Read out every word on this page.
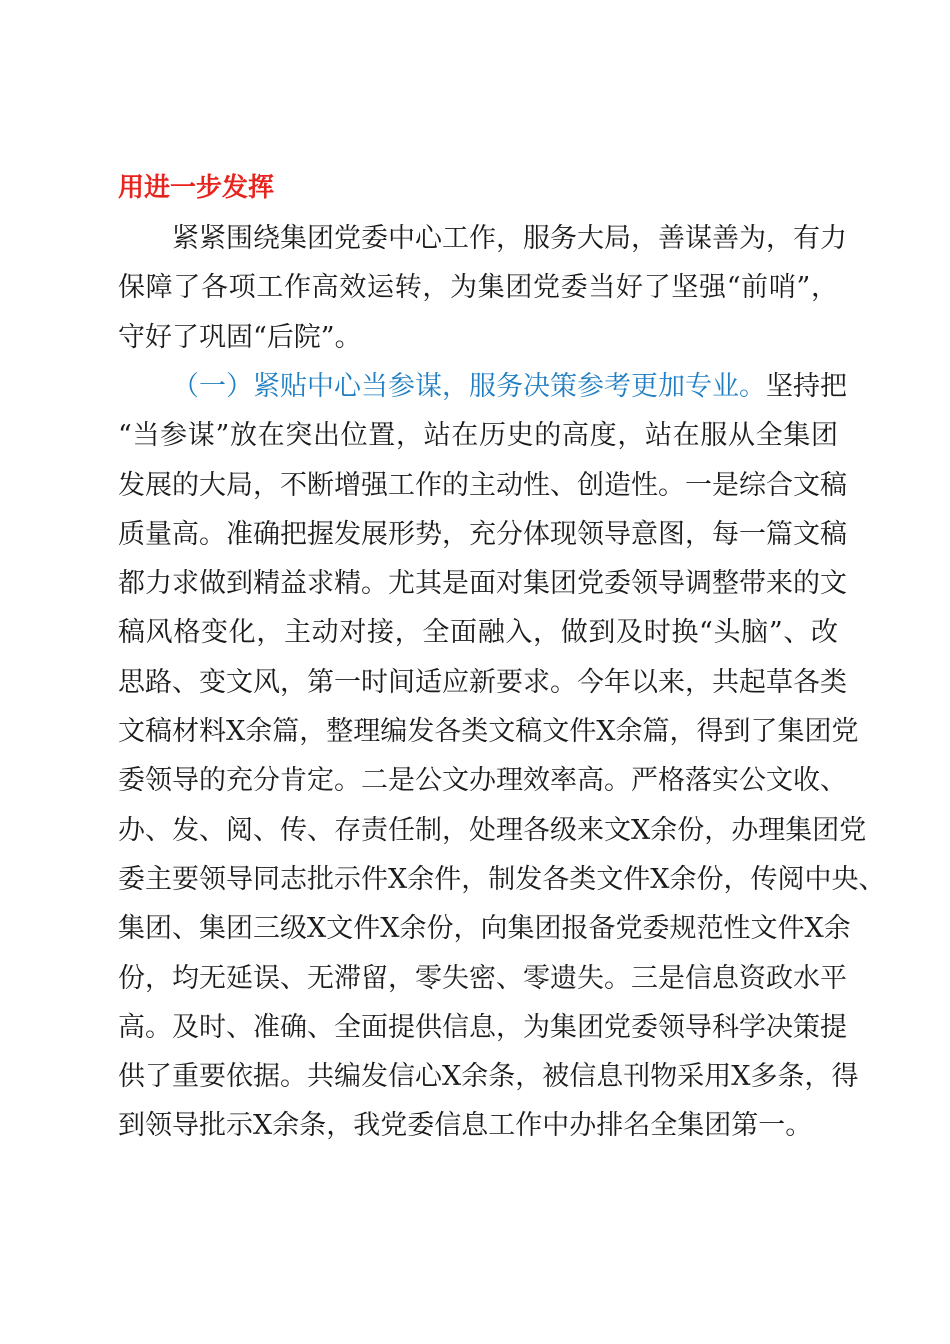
用进一步发挥

紧紧围绕集团党委中心工作，服务大局，善谋善为，有力

保障了各项工作高效运转，为集团党委当好了坚强“前哨”，

守好了巩固“后院”。

（一）紧贴中心当参谋，服务决策参考更加专业。坚持把

“当参谋”放在突出位置，站在历史的高度，站在服从全集团

发展的大局，不断增强工作的主动性、创造性。一是综合文稿

质量高。准确把握发展形势，充分体现领导意图，每一篇文稿

都力求做到精益求精。尤其是面对集团党委领导调整带来的文

稿风格变化，主动对接，全面融入，做到及时换“头脑”、改

思路、变文风，第一时间适应新要求。今年以来，共起草各类

文稿材料X余篇，整理编发各类文稿文件X余篇，得到了集团党

委领导的充分肯定。二是公文办理效率高。严格落实公文收、

办、发、阅、传、存责任制，处理各级来文X余份，办理集团党

委主要领导同志批示件X余件，制发各类文件X余份，传阅中央、

集团、集团三级X文件X余份，向集团报备党委规范性文件X余

份，均无延误、无滞留，零失密、零遗失。三是信息资政水平

高。及时、准确、全面提供信息，为集团党委领导科学决策提

供了重要依据。共编发信心X余条，被信息刊物采用X多条，得

到领导批示X余条，我党委信息工作中办排名全集团第一。
